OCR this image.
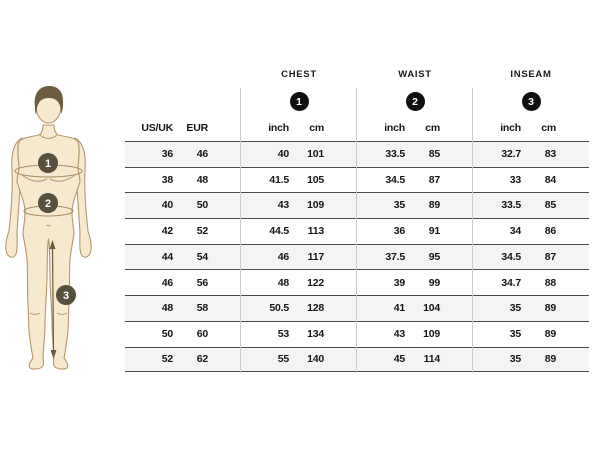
1
2
3
CHEST	WAIST	INSEAM
1	2	3
US/UK	EUR	inch	cm	inch	cm	inch	cm
36	46	40	101	33.5	85	32.7	83
38	48	41.5	105	34.5	87	33	84
40	50	43	109	35	89	33.5	85
42	52	44.5	113	36	91	34	86
44	54	46	117	37.5	95	34.5	87
46	56	48	122	39	99	34.7	88
48	58	50.5	128	41	104	35	89
50	60	53	134	43	109	35	89
52	62	55	140	45	114	35	89
